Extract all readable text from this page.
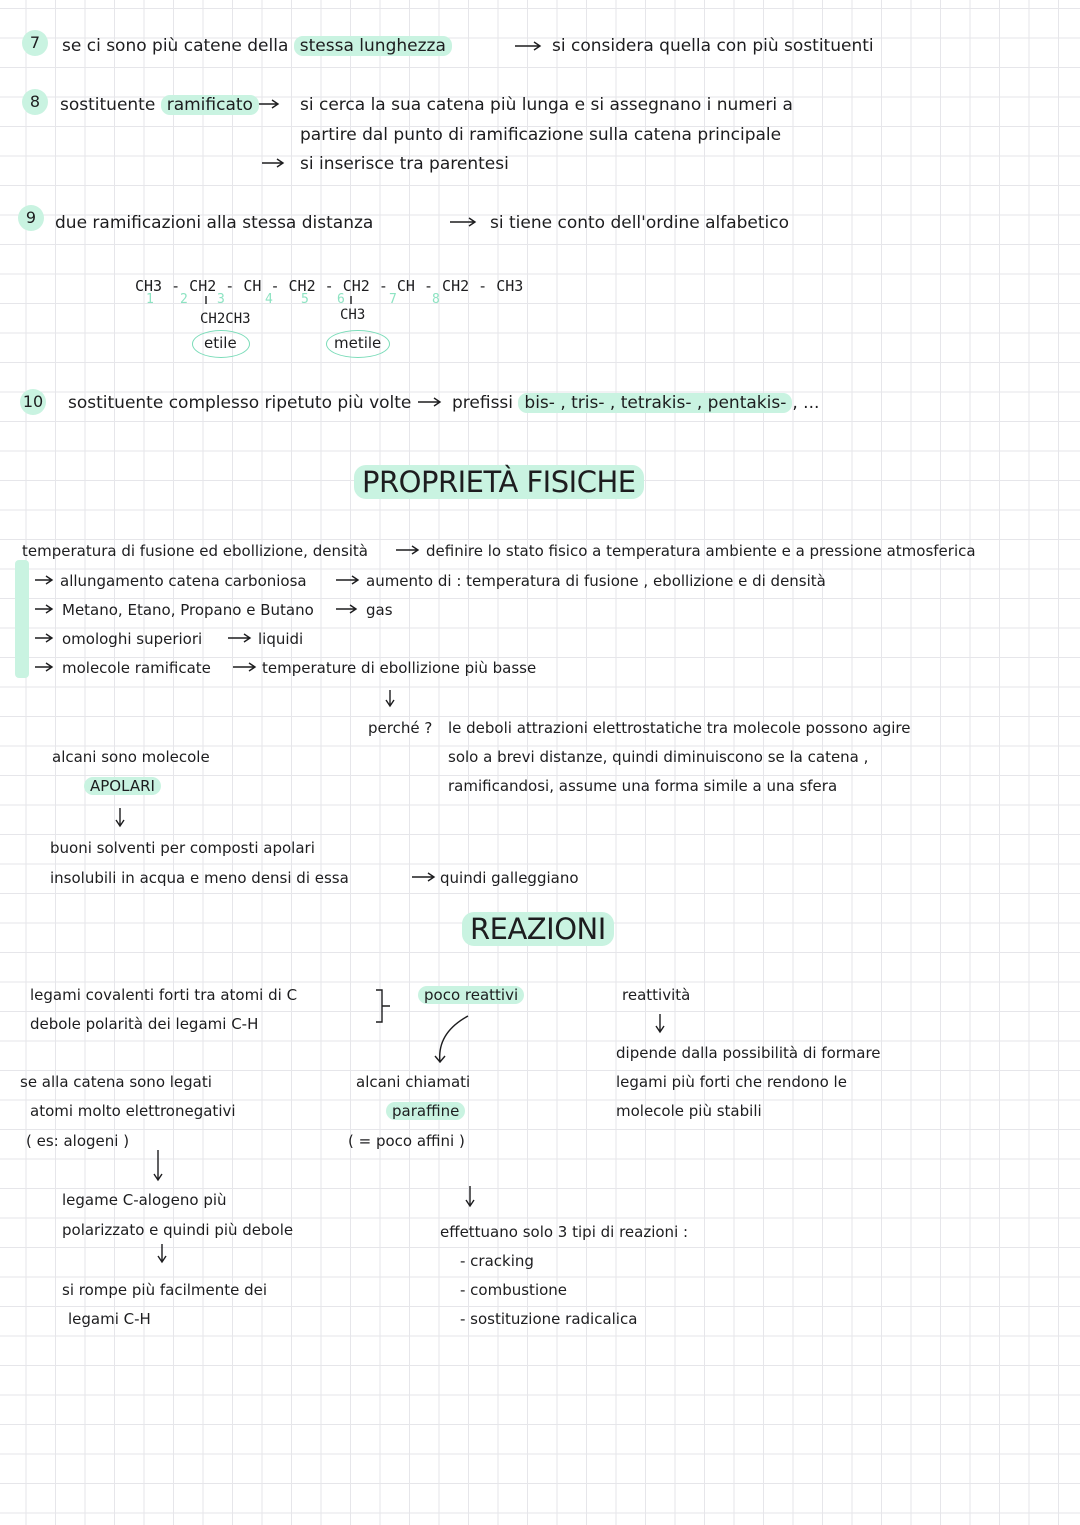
7	se ci sono più catene della stessa lunghezza	si considera quella con più sostituenti
8	sostituente ramificato	si cerca la sua catena più lunga e si assegnano i numeri a
partire dal punto di ramificazione sulla catena principale
si inserisce tra parentesi
9	due ramificazioni alla stessa distanza	si tiene conto dell'ordine alfabetico
CH3 - CH2 - CH - CH2 - CH2 - CH - CH2 - CH3
1 2 3	4 5 6	7	8
CH2CH3	CH3
etile	metile
10 sostituente complesso ripetuto più volte prefissi bis- , tris- , tetrakis- , pentakis- , ...
PROPRIETÀ FISICHE
temperatura di fusione ed ebollizione, densità	definire lo stato fisico a temperatura ambiente e a pressione atmosferica
allungamento catena carboniosa	aumento di : temperatura di fusione , ebollizione e di densità
Metano, Etano, Propano e Butano	gas
omologhi superiori	liquidi
molecole ramificate	temperature di ebollizione più basse
perché ? le deboli attrazioni elettrostatiche tra molecole possono agire
solo a brevi distanze, quindi diminuiscono se la catena ,
ramificandosi, assume una forma simile a una sfera
alcani sono molecole
APOLARI
buoni solventi per composti apolari
insolubili in acqua e meno densi di essa	quindi galleggiano
REAZIONI
legami covalenti forti tra atomi di C
debole polarità dei legami C-H
poco reattivi	reattività
dipende dalla possibilità di formare
legami più forti che rendono le
molecole più stabili
alcani chiamati
paraffine
( = poco affini )
se alla catena sono legati
atomi molto elettronegativi
( es: alogeni )
legame C-alogeno più
polarizzato e quindi più debole
si rompe più facilmente dei
legami C-H
effettuano solo 3 tipi di reazioni :
- cracking
- combustione
- sostituzione radicalica
